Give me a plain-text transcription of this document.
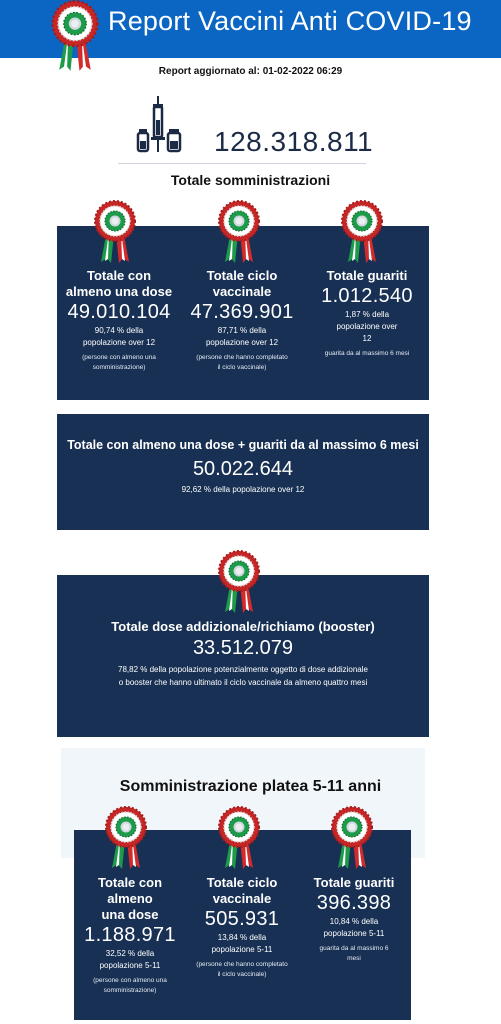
Report Vaccini Anti COVID-19
Report aggiornato al: 01-02-2022 06:29
128.318.811
Totale somministrazioni
Totale con almeno una dose
49.010.104
90,74 % della popolazione over 12
(persone con almeno una somministrazione)
Totale ciclo vaccinale
47.369.901
87,71 % della popolazione over 12
(persone che hanno completato il ciclo vaccinale)
Totale guariti
1.012.540
1,87 % della popolazione over 12
guarita da al massimo 6 mesi
Totale con almeno una dose + guariti da al massimo 6 mesi
50.022.644
92,62 % della popolazione over 12
Totale dose addizionale/richiamo (booster)
33.512.079
78,82 % della popolazione potenzialmente oggetto di dose addizionale o booster che hanno ultimato il ciclo vaccinale da almeno quattro mesi
Somministrazione platea 5-11 anni
Totale con almeno una dose
1.188.971
32,52 % della popolazione 5-11
(persone con almeno una somministrazione)
Totale ciclo vaccinale
505.931
13,84 % della popolazione 5-11
(persone che hanno completato il ciclo vaccinale)
Totale guariti
396.398
10,84 % della popolazione 5-11
guarita da al massimo 6 mesi
